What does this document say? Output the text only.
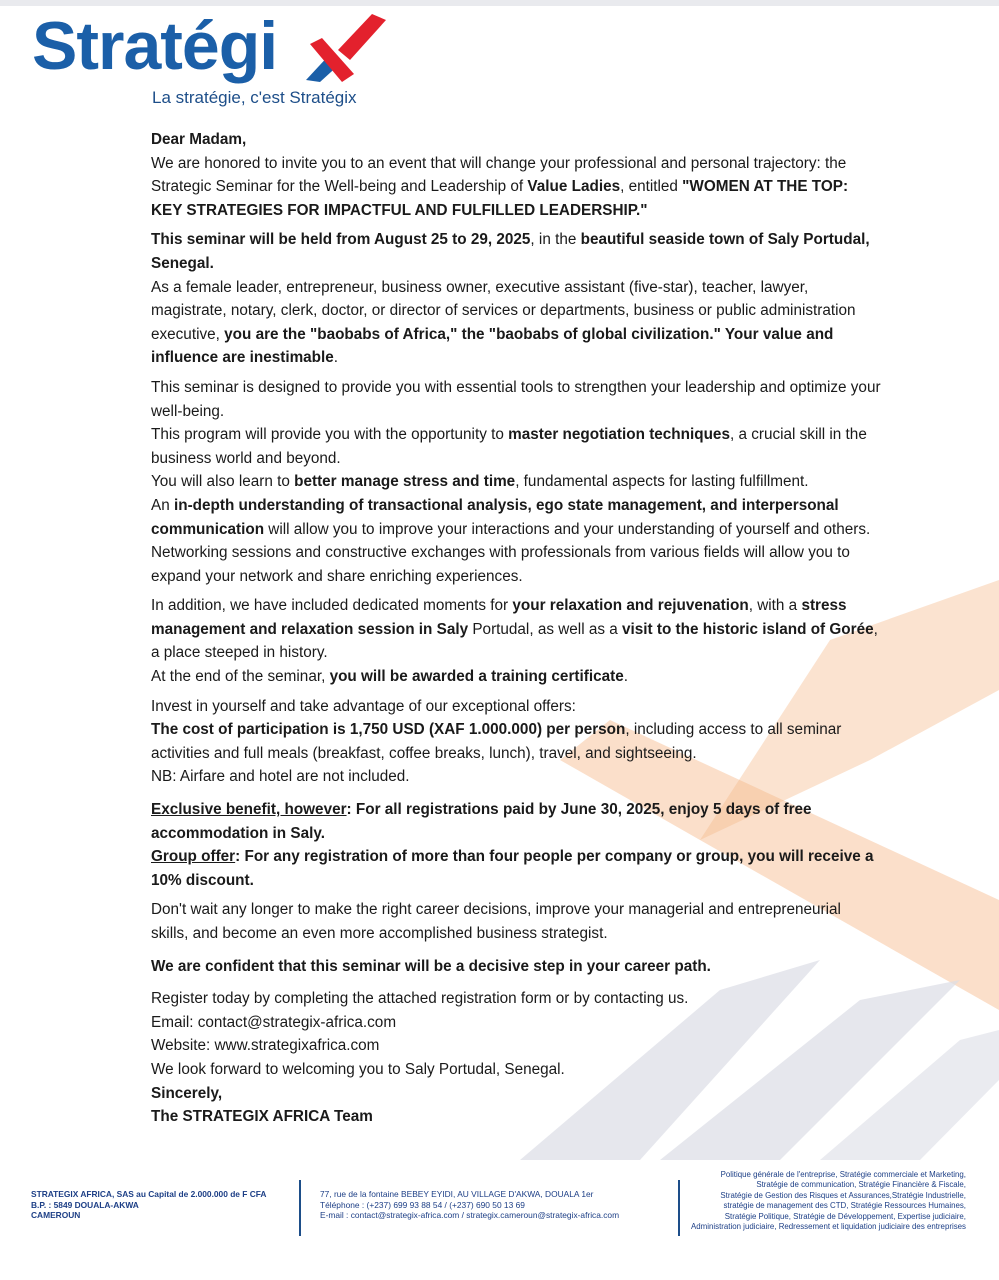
Stratégi
La stratégie, c'est Stratégix

Dear Madam,

We are honored to invite you to an event that will change your professional and personal trajectory: the Strategic Seminar for the Well-being and Leadership of Value Ladies, entitled "WOMEN AT THE TOP: KEY STRATEGIES FOR IMPACTFUL AND FULFILLED LEADERSHIP."

This seminar will be held from August 25 to 29, 2025, in the beautiful seaside town of Saly Portudal, Senegal.

As a female leader, entrepreneur, business owner, executive assistant (five-star), teacher, lawyer, magistrate, notary, clerk, doctor, or director of services or departments, business or public administration executive, you are the "baobabs of Africa," the "baobabs of global civilization." Your value and influence are inestimable.

This seminar is designed to provide you with essential tools to strengthen your leadership and optimize your well-being.

This program will provide you with the opportunity to master negotiation techniques, a crucial skill in the business world and beyond.

You will also learn to better manage stress and time, fundamental aspects for lasting fulfillment.

An in-depth understanding of transactional analysis, ego state management, and interpersonal communication will allow you to improve your interactions and your understanding of yourself and others.

Networking sessions and constructive exchanges with professionals from various fields will allow you to expand your network and share enriching experiences.

In addition, we have included dedicated moments for your relaxation and rejuvenation, with a stress management and relaxation session in Saly Portudal, as well as a visit to the historic island of Gorée, a place steeped in history.

At the end of the seminar, you will be awarded a training certificate.

Invest in yourself and take advantage of our exceptional offers:

The cost of participation is 1,750 USD (XAF 1.000.000) per person, including access to all seminar activities and full meals (breakfast, coffee breaks, lunch), travel, and sightseeing.

NB: Airfare and hotel are not included.

Exclusive benefit, however: For all registrations paid by June 30, 2025, enjoy 5 days of free accommodation in Saly.

Group offer: For any registration of more than four people per company or group, you will receive a 10% discount.

Don't wait any longer to make the right career decisions, improve your managerial and entrepreneurial skills, and become an even more accomplished business strategist.

We are confident that this seminar will be a decisive step in your career path.

Register today by completing the attached registration form or by contacting us.

Email: contact@strategix-africa.com

Website: www.strategixafrica.com

We look forward to welcoming you to Saly Portudal, Senegal.

Sincerely,

The STRATEGIX AFRICA Team

STRATEGIX AFRICA, SAS au Capital de 2.000.000 de F CFA
B.P. : 5849 DOUALA-AKWA
CAMEROUN
77, rue de la fontaine BEBEY EYIDI, AU VILLAGE D'AKWA, DOUALA 1er
Téléphone : (+237) 699 93 88 54 / (+237) 690 50 13 69
E-mail : contact@strategix-africa.com / strategix.cameroun@strategix-africa.com
Politique générale de l'entreprise, Stratégie commerciale et Marketing,
Stratégie de communication, Stratégie Financière & Fiscale,
Stratégie de Gestion des Risques et Assurances,Stratégie Industrielle,
stratégie de management des CTD, Stratégie Ressources Humaines,
Stratégie Politique, Stratégie de Développement, Expertise judiciaire,
Administration judiciaire, Redressement et liquidation judiciaire des entreprises
